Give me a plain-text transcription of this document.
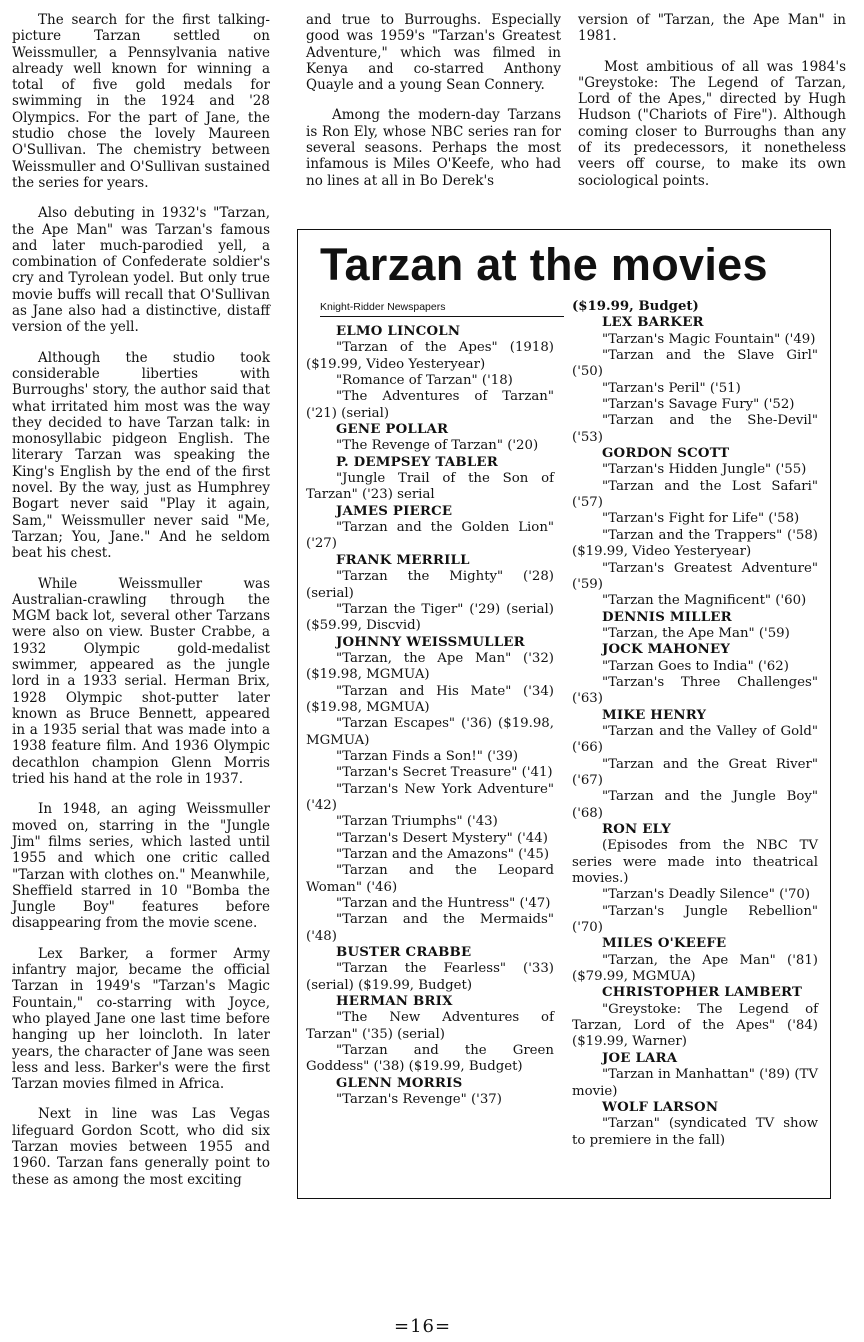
The search for the first talking-picture Tarzan settled on Weissmuller, a Pennsylvania native already well known for winning a total of five gold medals for swimming in the 1924 and '28 Olympics. For the part of Jane, the studio chose the lovely Maureen O'Sullivan. The chemistry between Weissmuller and O'Sullivan sustained the series for years.

Also debuting in 1932's "Tarzan, the Ape Man" was Tarzan's famous and later much-parodied yell, a combination of Confederate soldier's cry and Tyrolean yodel. But only true movie buffs will recall that O'Sullivan as Jane also had a distinctive, distaff version of the yell.

Although the studio took considerable liberties with Burroughs' story, the author said that what irritated him most was the way they decided to have Tarzan talk: in monosyllabic pidgeon English. The literary Tarzan was speaking the King's English by the end of the first novel. By the way, just as Humphrey Bogart never said "Play it again, Sam," Weissmuller never said "Me, Tarzan; You, Jane." And he seldom beat his chest.

While Weissmuller was Australian-crawling through the MGM back lot, several other Tarzans were also on view. Buster Crabbe, a 1932 Olympic gold-medalist swimmer, appeared as the jungle lord in a 1933 serial. Herman Brix, 1928 Olympic shot-putter later known as Bruce Bennett, appeared in a 1935 serial that was made into a 1938 feature film. And 1936 Olympic decathlon champion Glenn Morris tried his hand at the role in 1937.

In 1948, an aging Weissmuller moved on, starring in the "Jungle Jim" films series, which lasted until 1955 and which one critic called "Tarzan with clothes on." Meanwhile, Sheffield starred in 10 "Bomba the Jungle Boy" features before disappearing from the movie scene.

Lex Barker, a former Army infantry major, became the official Tarzan in 1949's "Tarzan's Magic Fountain," co-starring with Joyce, who played Jane one last time before hanging up her loincloth. In later years, the character of Jane was seen less and less. Barker's were the first Tarzan movies filmed in Africa.

Next in line was Las Vegas lifeguard Gordon Scott, who did six Tarzan movies between 1955 and 1960. Tarzan fans generally point to these as among the most exciting

and true to Burroughs. Especially good was 1959's "Tarzan's Greatest Adventure," which was filmed in Kenya and co-starred Anthony Quayle and a young Sean Connery.

Among the modern-day Tarzans is Ron Ely, whose NBC series ran for several seasons. Perhaps the most infamous is Miles O'Keefe, who had no lines at all in Bo Derek's

version of "Tarzan, the Ape Man" in 1981.

Most ambitious of all was 1984's "Greystoke: The Legend of Tarzan, Lord of the Apes," directed by Hugh Hudson ("Chariots of Fire"). Although coming closer to Burroughs than any of its predecessors, it nonetheless veers off course, to make its own sociological points.

Tarzan at the movies
Knight-Ridder Newspapers
ELMO LINCOLN
"Tarzan of the Apes" (1918) ($19.99, Video Yesteryear)
"Romance of Tarzan" ('18)
"The Adventures of Tarzan" ('21) (serial)
GENE POLLAR
"The Revenge of Tarzan" ('20)
P. DEMPSEY TABLER
"Jungle Trail of the Son of Tarzan" ('23) serial
JAMES PIERCE
"Tarzan and the Golden Lion" ('27)
FRANK MERRILL
"Tarzan the Mighty" ('28) (serial)
"Tarzan the Tiger" ('29) (serial) ($59.99, Discvid)
JOHNNY WEISSMULLER
"Tarzan, the Ape Man" ('32) ($19.98, MGMUA)
"Tarzan and His Mate" ('34) ($19.98, MGMUA)
"Tarzan Escapes" ('36) ($19.98, MGMUA)
"Tarzan Finds a Son!" ('39)
"Tarzan's Secret Treasure" ('41)
"Tarzan's New York Adventure" ('42)
"Tarzan Triumphs" ('43)
"Tarzan's Desert Mystery" ('44)
"Tarzan and the Amazons" ('45)
"Tarzan and the Leopard Woman" ('46)
"Tarzan and the Huntress" ('47)
"Tarzan and the Mermaids" ('48)
BUSTER CRABBE
"Tarzan the Fearless" ('33) (serial) ($19.99, Budget)
HERMAN BRIX
"The New Adventures of Tarzan" ('35) (serial)
"Tarzan and the Green Goddess" ('38) ($19.99, Budget)
GLENN MORRIS
"Tarzan's Revenge" ('37)
($19.99, Budget)
LEX BARKER
"Tarzan's Magic Fountain" ('49)
"Tarzan and the Slave Girl" ('50)
"Tarzan's Peril" ('51)
"Tarzan's Savage Fury" ('52)
"Tarzan and the She-Devil" ('53)
GORDON SCOTT
"Tarzan's Hidden Jungle" ('55)
"Tarzan and the Lost Safari" ('57)
"Tarzan's Fight for Life" ('58)
"Tarzan and the Trappers" ('58) ($19.99, Video Yesteryear)
"Tarzan's Greatest Adventure" ('59)
"Tarzan the Magnificent" ('60)
DENNIS MILLER
"Tarzan, the Ape Man" ('59)
JOCK MAHONEY
"Tarzan Goes to India" ('62)
"Tarzan's Three Challenges" ('63)
MIKE HENRY
"Tarzan and the Valley of Gold" ('66)
"Tarzan and the Great River" ('67)
"Tarzan and the Jungle Boy" ('68)
RON ELY
(Episodes from the NBC TV series were made into theatrical movies.)
"Tarzan's Deadly Silence" ('70)
"Tarzan's Jungle Rebellion" ('70)
MILES O'KEEFE
"Tarzan, the Ape Man" ('81) ($79.99, MGMUA)
CHRISTOPHER LAMBERT
"Greystoke: The Legend of Tarzan, Lord of the Apes" ('84) ($19.99, Warner)
JOE LARA
"Tarzan in Manhattan" ('89) (TV movie)
WOLF LARSON
"Tarzan" (syndicated TV show to premiere in the fall)
=16=
